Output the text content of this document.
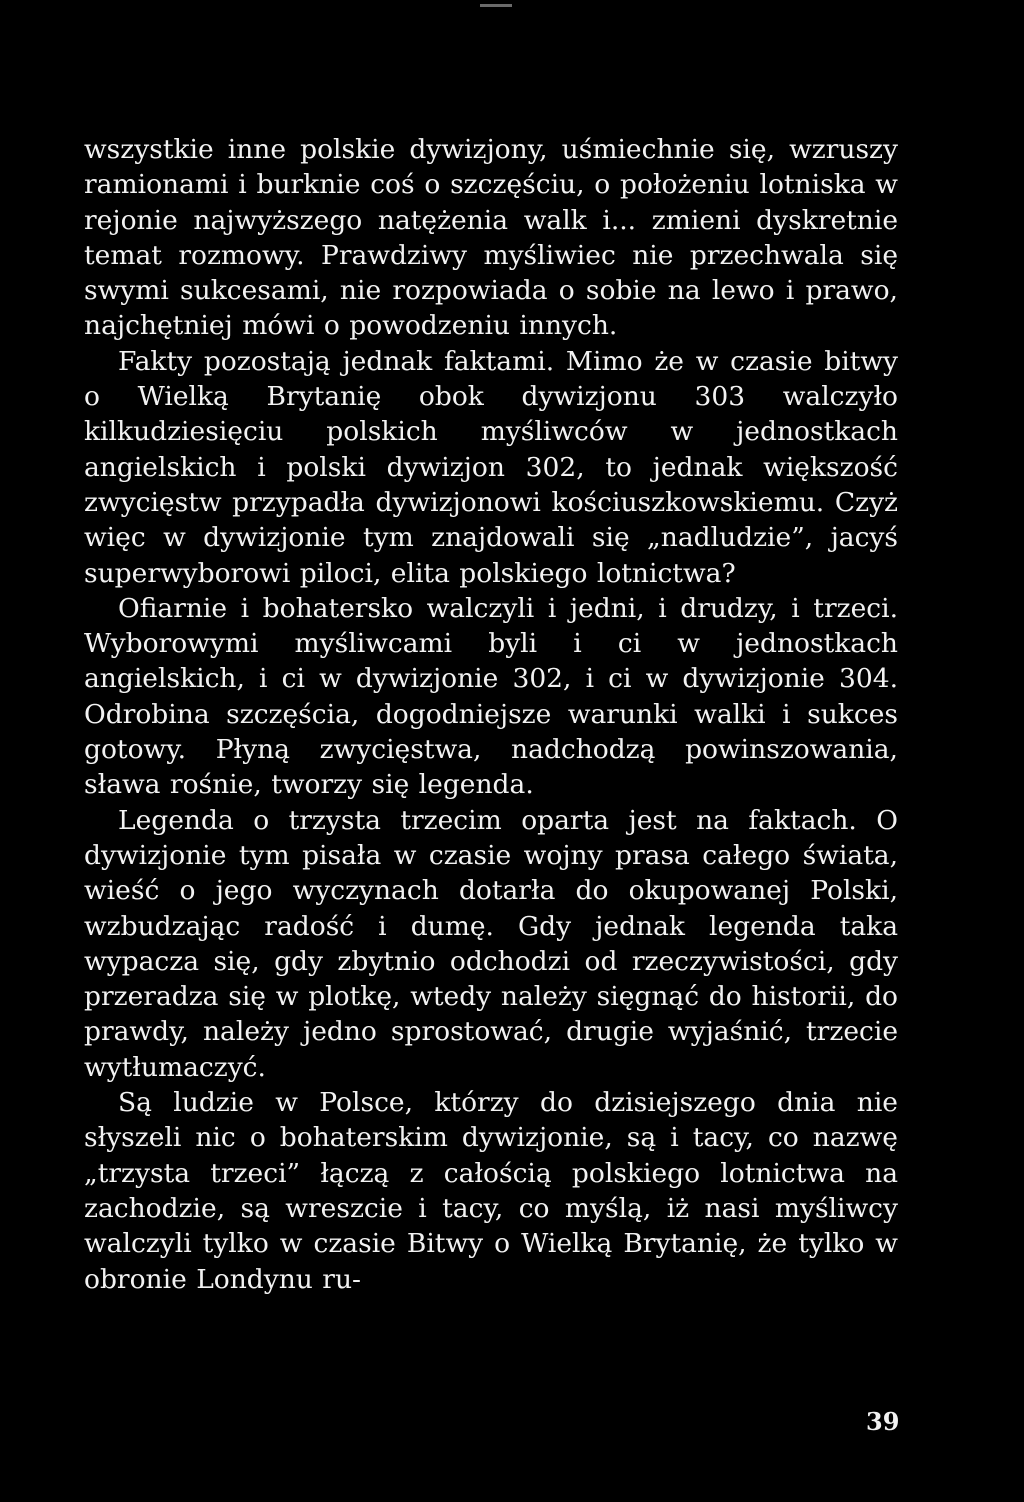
wszystkie inne polskie dywizjony, uśmiechnie się, wzruszy ramionami i burknie coś o szczęściu, o położeniu lotniska w rejonie najwyższego natężenia walk i... zmieni dyskretnie temat rozmowy. Prawdziwy myśliwiec nie przechwala się swymi sukcesami, nie rozpowiada o sobie na lewo i prawo, najchętniej mówi o powodzeniu innych.

Fakty pozostają jednak faktami. Mimo że w czasie bitwy o Wielką Brytanię obok dywizjonu 303 walczyło kilkudziesięciu polskich myśliwców w jednostkach angielskich i polski dywizjon 302, to jednak większość zwycięstw przypadła dywizjonowi kościuszkowskiemu. Czyż więc w dywizjonie tym znajdowali się „nadludzie”, jacyś superwyborowi piloci, elita polskiego lotnictwa?

Ofiarnie i bohatersko walczyli i jedni, i drudzy, i trzeci. Wyborowymi myśliwcami byli i ci w jednostkach angielskich, i ci w dywizjonie 302, i ci w dywizjonie 304. Odrobina szczęścia, dogodniejsze warunki walki i sukces gotowy. Płyną zwycięstwa, nadchodzą powinszowania, sława rośnie, tworzy się legenda.

Legenda o trzysta trzecim oparta jest na faktach. O dywizjonie tym pisała w czasie wojny prasa całego świata, wieść o jego wyczynach dotarła do okupowanej Polski, wzbudzając radość i dumę. Gdy jednak legenda taka wypacza się, gdy zbytnio odchodzi od rzeczywistości, gdy przeradza się w plotkę, wtedy należy sięgnąć do historii, do prawdy, należy jedno sprostować, drugie wyjaśnić, trzecie wytłumaczyć.

Są ludzie w Polsce, którzy do dzisiejszego dnia nie słyszeli nic o bohaterskim dywizjonie, są i tacy, co nazwę „trzysta trzeci” łączą z całością polskiego lotnictwa na zachodzie, są wreszcie i tacy, co myślą, iż nasi myśliwcy walczyli tylko w czasie Bitwy o Wielką Brytanię, że tylko w obronie Londynu ru-

39
